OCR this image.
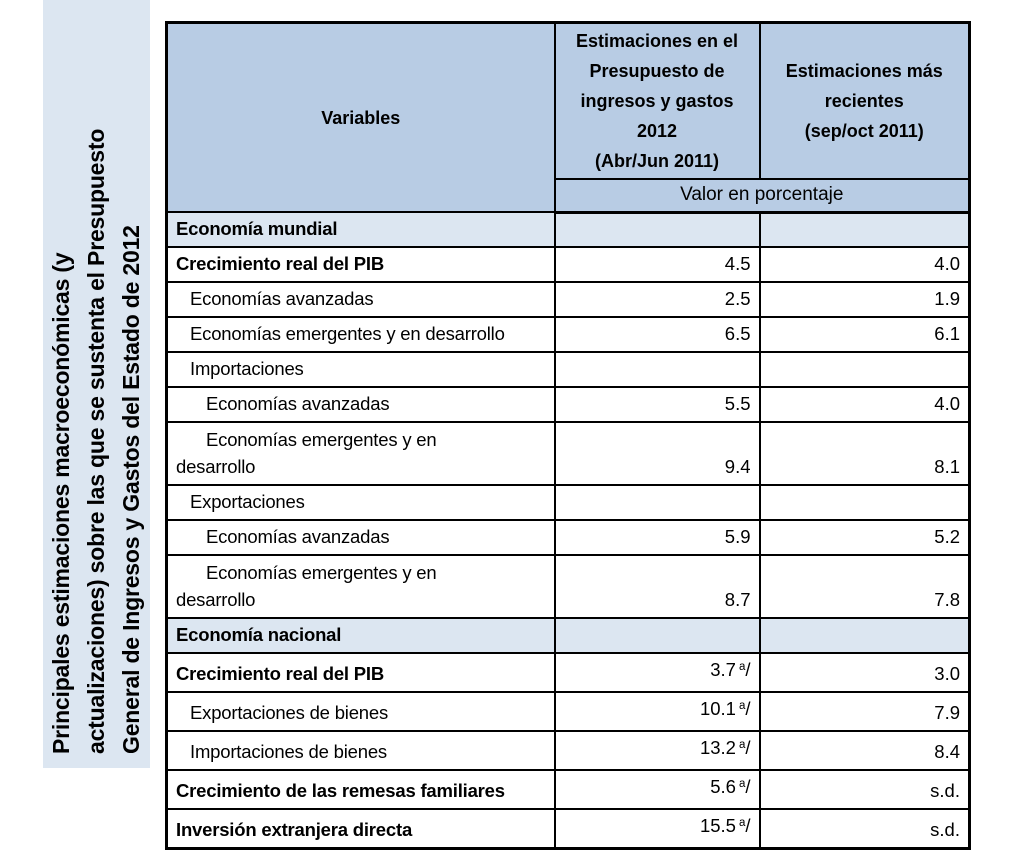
Principales estimaciones macroeconómicas (y actualizaciones) sobre las que se sustenta el Presupuesto General de Ingresos y Gastos del Estado de 2012
Variables	
Estimaciones en el Presupuesto de ingresos y gastos 2012
(Abr/Jun 2011)

Estimaciones más recientes
(sep/oct 2011)

	Valor en porcentaje	
Economía mundial		
Crecimiento real del PIB	4.5	4.0
Economías avanzadas	2.5	1.9
Economías emergentes y en desarrollo	6.5	6.1
Importaciones		
Economías avanzadas	5.5	4.0
Economías emergentes y en
desarrollo	9.4	8.1
Exportaciones		
Economías avanzadas	5.9	5.2
Economías emergentes y en
desarrollo	8.7	7.8
Economía nacional		
Crecimiento real del PIB	3.7 $^a$/	3.0
Exportaciones de bienes	10.1 $^a$/	7.9
Importaciones de bienes	13.2 $^a$/	8.4
Crecimiento de las remesas familiares	5.6 $^a$/	s.d.
Inversión extranjera directa	15.5 $^a$/	s.d.
